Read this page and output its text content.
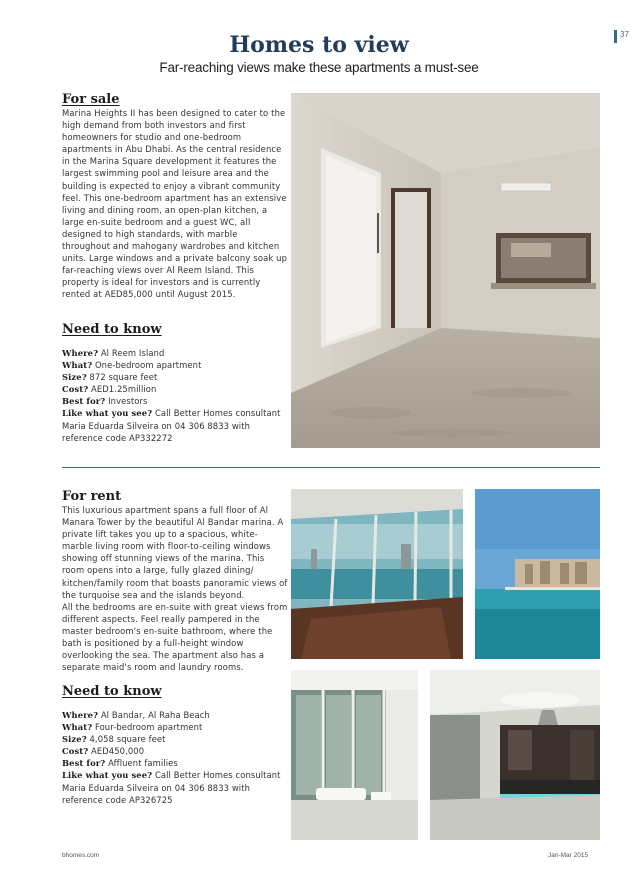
37
Homes to view
Far-reaching views make these apartments a must-see
For sale

Marina Heights II has been designed to cater to the high demand from both investors and first homeowners for studio and one-bedroom apartments in Abu Dhabi. As the central residence in the Marina Square development it features the largest swimming pool and leisure area and the building is expected to enjoy a vibrant community feel. This one-bedroom apartment has an extensive living and dining room, an open-plan kitchen, a large en-suite bedroom and a guest WC, all designed to high standards, with marble throughout and mahogany wardrobes and kitchen units. Large windows and a private balcony soak up far-reaching views over Al Reem Island. This property is ideal for investors and is currently rented at AED85,000 until August 2015.

Need to know
Where? Al Reem Island
What? One-bedroom apartment
Size? 872 square feet
Cost? AED1.25million
Best for? Investors
Like what you see? Call Better Homes consultant Maria Eduarda Silveira on 04 306 8833 with reference code AP332272
For rent

This luxurious apartment spans a full floor of Al Manara Tower by the beautiful Al Bandar marina. A private lift takes you up to a spacious, white-marble living room with floor-to-ceiling windows showing off stunning views of the marina. This room opens into a large, fully glazed dining/ kitchen/family room that boasts panoramic views of the turquoise sea and the islands beyond.

All the bedrooms are en-suite with great views from different aspects. Feel really pampered in the master bedroom's en-suite bathroom, where the bath is positioned by a full-height window overlooking the sea. The apartment also has a separate maid's room and laundry rooms.

Need to know
Where? Al Bandar, Al Raha Beach
What? Four-bedroom apartment
Size? 4,058 square feet
Cost? AED450,000
Best for? Affluent families
Like what you see? Call Better Homes consultant Maria Eduarda Silveira on 04 306 8833 with reference code AP326725
bhomes.com	Jan-Mar 2015
